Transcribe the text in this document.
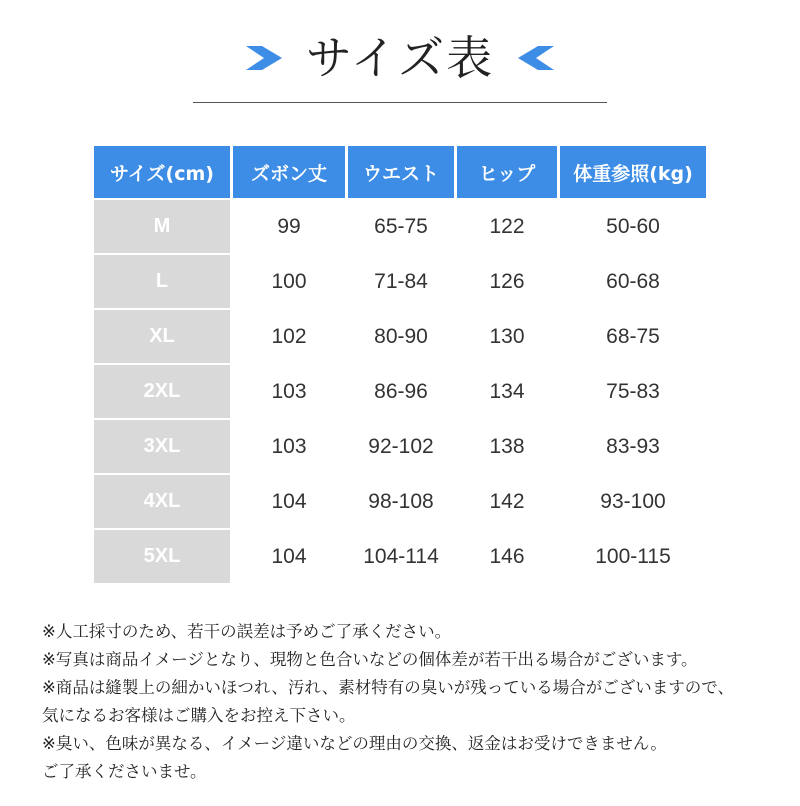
サイズ表
サイズ(cm)	ズボン丈	ウエスト	ヒップ	体重参照(kg)
M	99	65-75	122	50-60
L	100	71-84	126	60-68
XL	102	80-90	130	68-75
2XL	103	86-96	134	75-83
3XL	103	92-102	138	83-93
4XL	104	98-108	142	93-100
5XL	104	104-114	146	100-115
※人工採寸のため、若干の誤差は予めご了承ください。
※写真は商品イメージとなり、現物と色合いなどの個体差が若干出る場合がございます。
※商品は縫製上の細かいほつれ、汚れ、素材特有の臭いが残っている場合がございますので、
気になるお客様はご購入をお控え下さい。
※臭い、色味が異なる、イメージ違いなどの理由の交換、返金はお受けできません。
ご了承くださいませ。
